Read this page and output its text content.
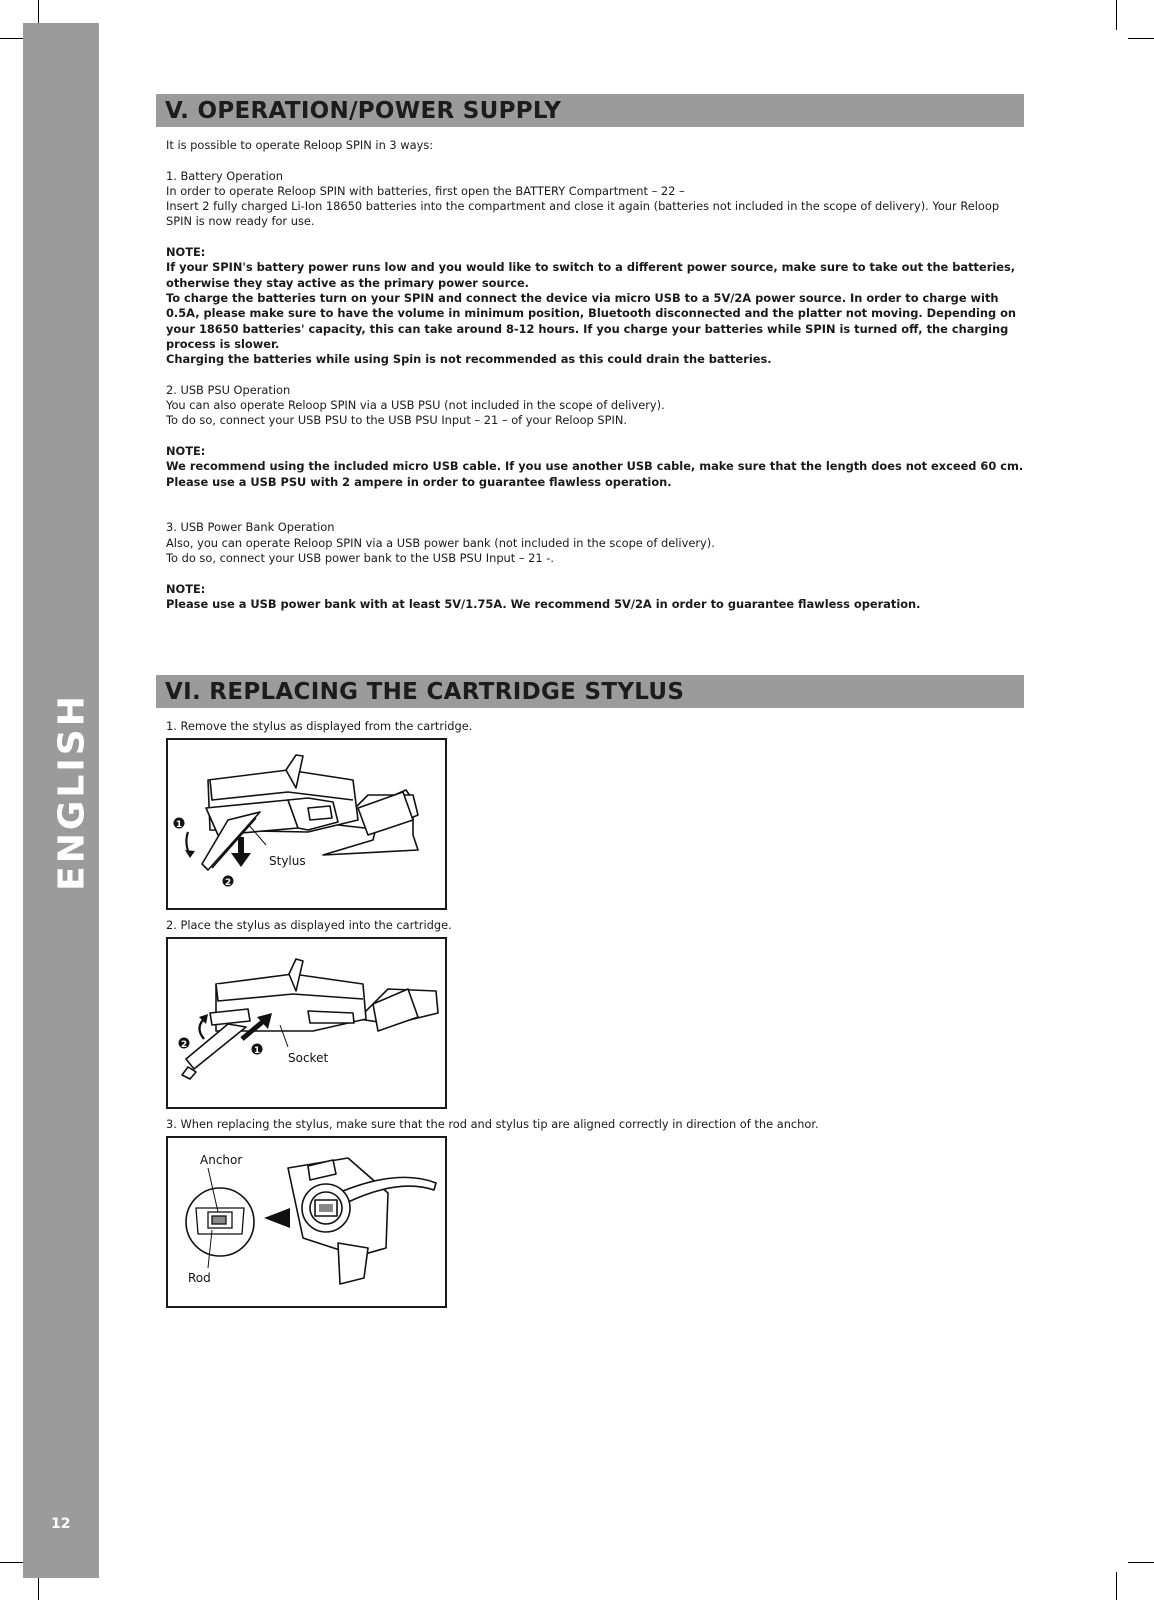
ENGLISH
12
V. OPERATION/POWER SUPPLY

It is possible to operate Reloop SPIN in 3 ways:

1. Battery Operation

In order to operate Reloop SPIN with batteries, first open the BATTERY Compartment – 22 –

Insert 2 fully charged Li-Ion 18650 batteries into the compartment and close it again (batteries not included in the scope of delivery). Your Reloop SPIN is now ready for use.

NOTE:

If your SPIN's battery power runs low and you would like to switch to a different power source, make sure to take out the batteries, otherwise they stay active as the primary power source.

To charge the batteries turn on your SPIN and connect the device via micro USB to a 5V/2A power source. In order to charge with 0.5A, please make sure to have the volume in minimum position, Bluetooth disconnected and the platter not moving. Depending on your 18650 batteries' capacity, this can take around 8-12 hours. If you charge your batteries while SPIN is turned off, the charging process is slower.

Charging the batteries while using Spin is not recommended as this could drain the batteries.

2. USB PSU Operation

You can also operate Reloop SPIN via a USB PSU (not included in the scope of delivery).

To do so, connect your USB PSU to the USB PSU Input – 21 – of your Reloop SPIN.

NOTE:

We recommend using the included micro USB cable. If you use another USB cable, make sure that the length does not exceed 60 cm.

Please use a USB PSU with 2 ampere in order to guarantee flawless operation.

3. USB Power Bank Operation

Also, you can operate Reloop SPIN via a USB power bank (not included in the scope of delivery).

To do so, connect your USB power bank to the USB PSU Input – 21 -.

NOTE:

Please use a USB power bank with at least 5V/1.75A. We recommend 5V/2A in order to guarantee flawless operation.

VI. REPLACING THE CARTRIDGE STYLUS
1. Remove the stylus as displayed from the cartridge.
1
2
Stylus
2. Place the stylus as displayed into the cartridge.
2
1 Socket
3. When replacing the stylus, make sure that the rod and stylus tip are aligned correctly in direction of the anchor.
Anchor
Rod
